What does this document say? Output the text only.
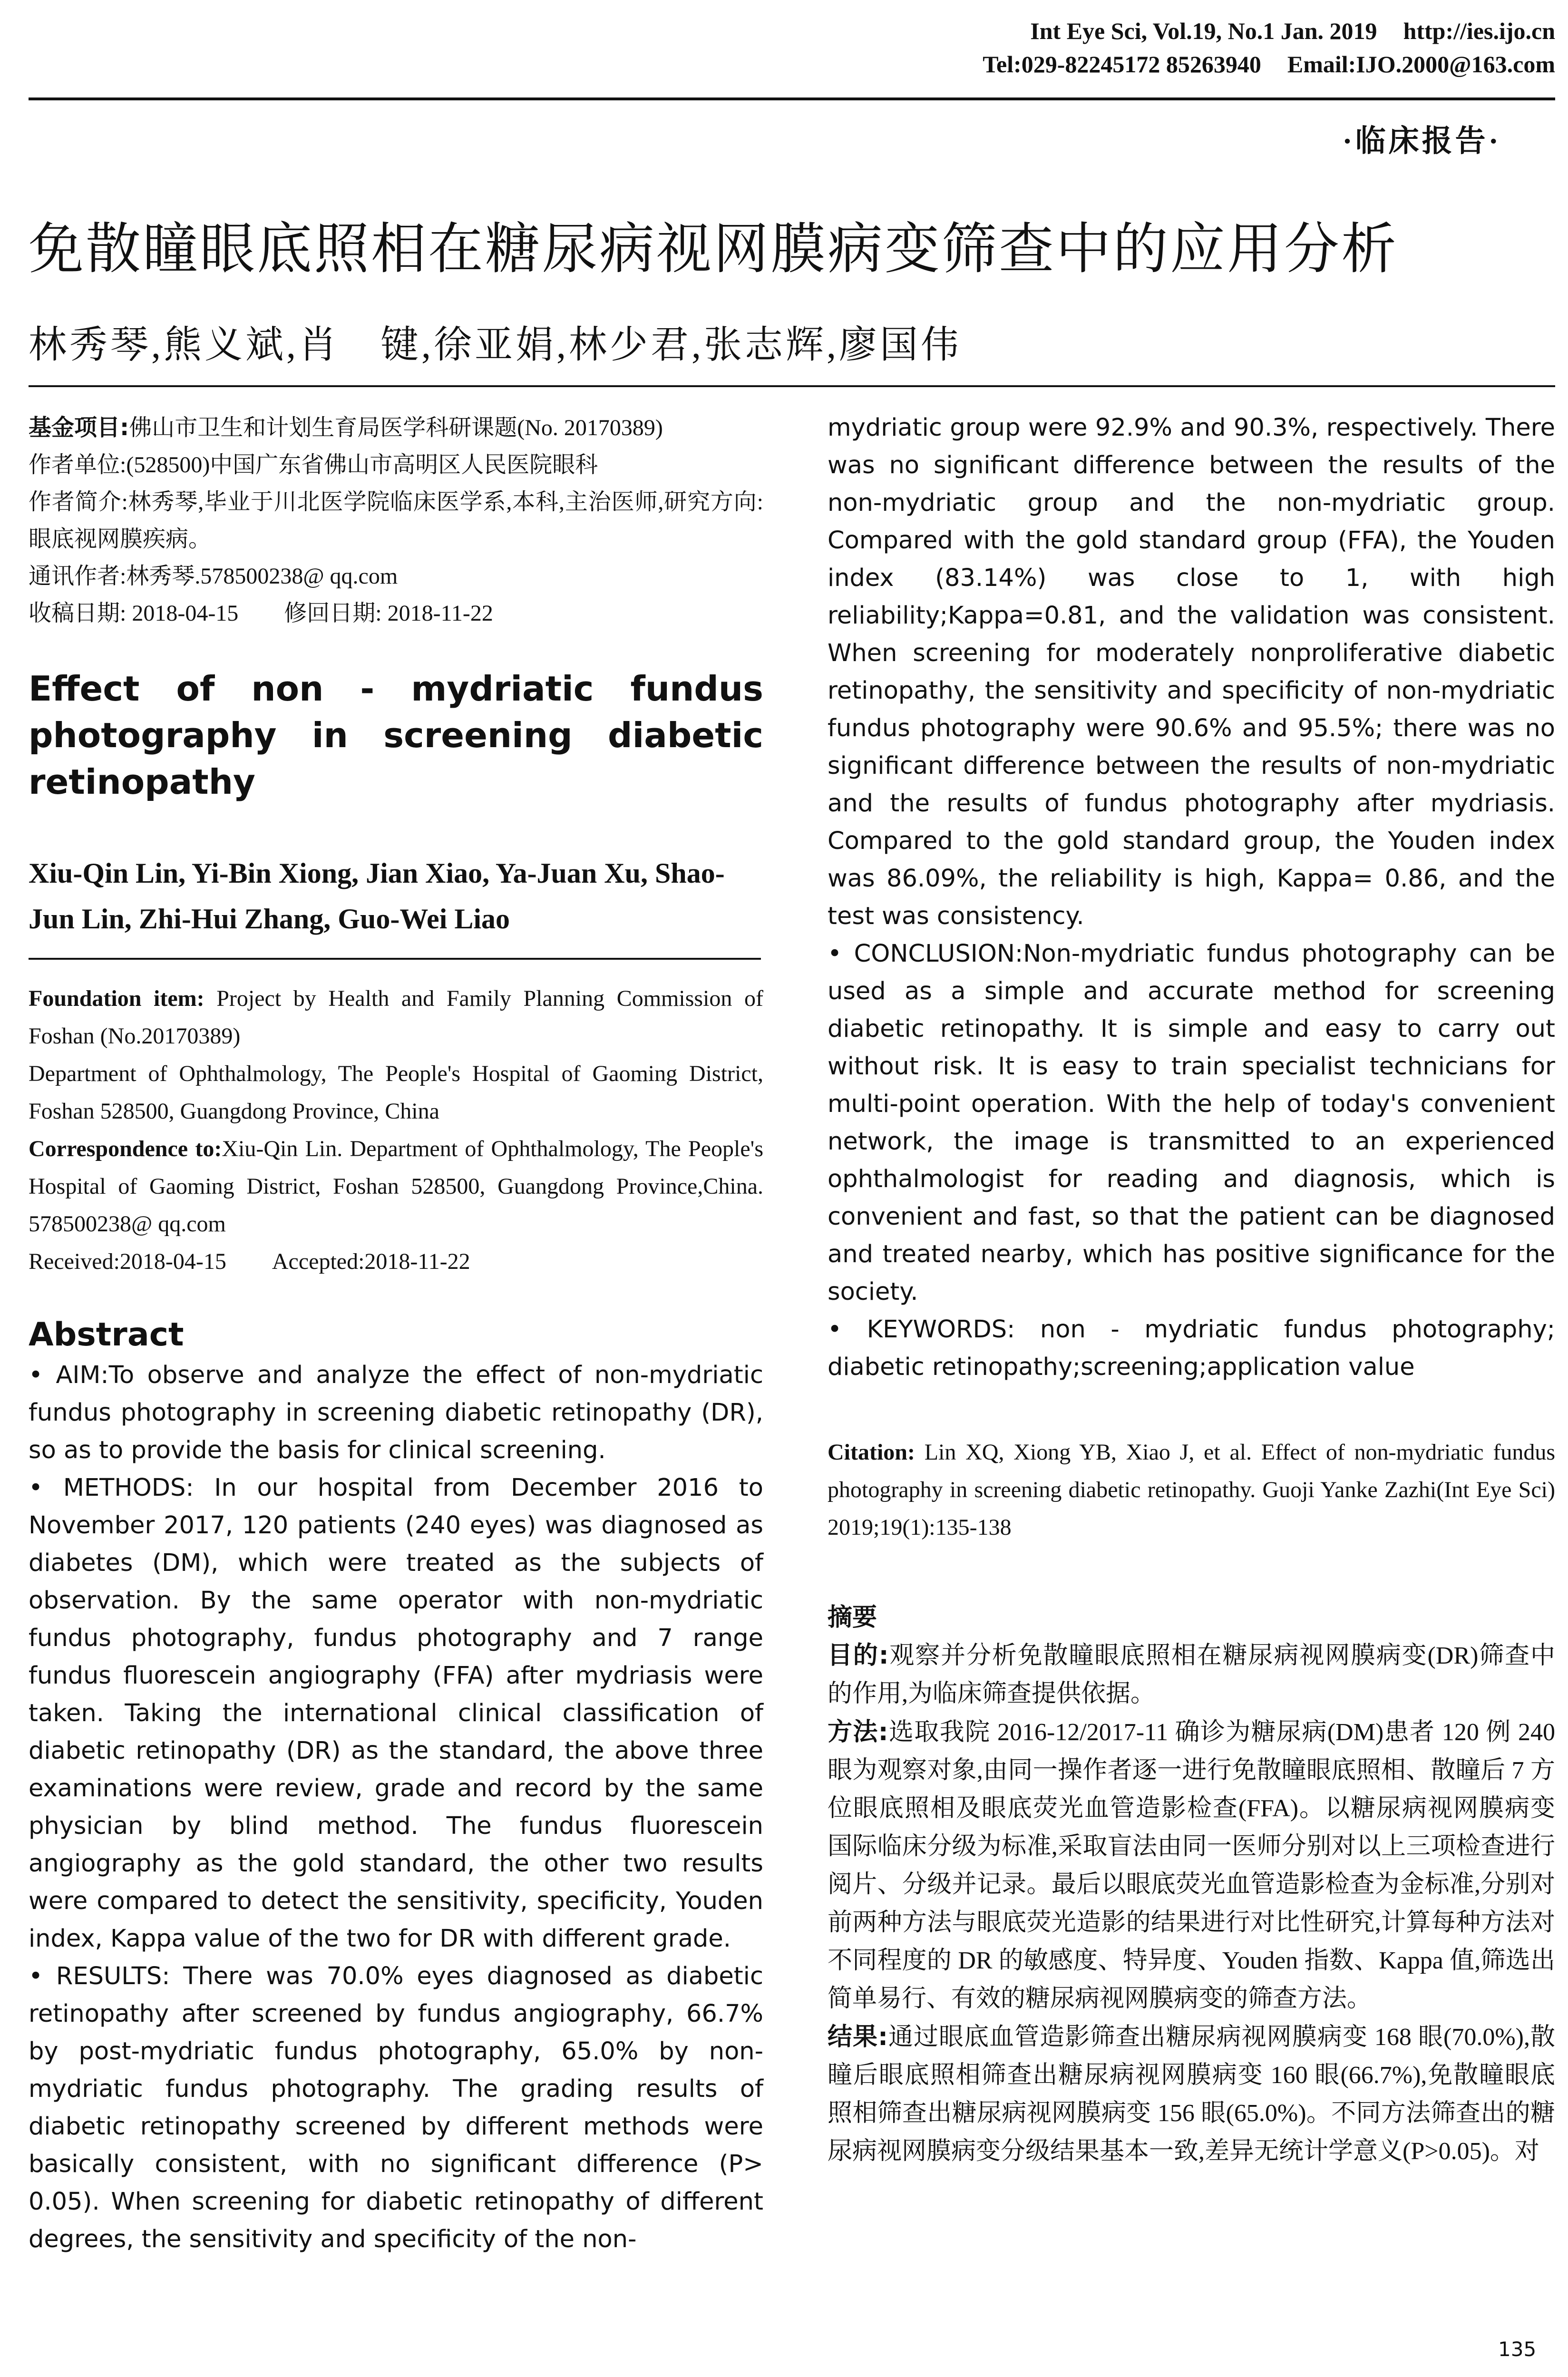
Int Eye Sci, Vol.19, No.1 Jan. 2019 http://ies.ijo.cn
Tel:029-82245172 85263940 Email:IJO.2000@163.com
·临床报告·
免散瞳眼底照相在糖尿病视网膜病变筛查中的应用分析
林秀琴,熊义斌,肖　键,徐亚娟,林少君,张志辉,廖国伟
基金项目:佛山市卫生和计划生育局医学科研课题(No. 20170389)
作者单位:(528500)中国广东省佛山市高明区人民医院眼科
作者简介:林秀琴,毕业于川北医学院临床医学系,本科,主治医师,研究方向:眼底视网膜疾病。
通讯作者:林秀琴.578500238@ qq.com
收稿日期: 2018-04-15　　修回日期: 2018-11-22
Effect of non - mydriatic fundus photography in screening diabetic retinopathy
Xiu-Qin Lin, Yi-Bin Xiong, Jian Xiao, Ya-Juan Xu, Shao-Jun Lin, Zhi-Hui Zhang, Guo-Wei Liao

Foundation item: Project by Health and Family Planning Commission of Foshan (No.20170389)

Department of Ophthalmology, The People's Hospital of Gaoming District, Foshan 528500, Guangdong Province, China

Correspondence to:Xiu-Qin Lin. Department of Ophthalmology, The People's Hospital of Gaoming District, Foshan 528500, Guangdong Province,China. 578500238@ qq.com

Received:2018-04-15　　Accepted:2018-11-22

Abstract

• AIM:To observe and analyze the effect of non-mydriatic fundus photography in screening diabetic retinopathy (DR), so as to provide the basis for clinical screening.

• METHODS: In our hospital from December 2016 to November 2017, 120 patients (240 eyes) was diagnosed as diabetes (DM), which were treated as the subjects of observation. By the same operator with non-mydriatic fundus photography, fundus photography and 7 range fundus fluorescein angiography (FFA) after mydriasis were taken. Taking the international clinical classification of diabetic retinopathy (DR) as the standard, the above three examinations were review, grade and record by the same physician by blind method. The fundus fluorescein angiography as the gold standard, the other two results were compared to detect the sensitivity, specificity, Youden index, Kappa value of the two for DR with different grade.

• RESULTS: There was 70.0% eyes diagnosed as diabetic retinopathy after screened by fundus angiography, 66.7% by post-mydriatic fundus photography, 65.0% by non-mydriatic fundus photography. The grading results of diabetic retinopathy screened by different methods were basically consistent, with no significant difference (P> 0.05). When screening for diabetic retinopathy of different degrees, the sensitivity and specificity of the non-

mydriatic group were 92.9% and 90.3%, respectively. There was no significant difference between the results of the non-mydriatic group and the non-mydriatic group. Compared with the gold standard group (FFA), the Youden index (83.14%) was close to 1, with high reliability;Kappa=0.81, and the validation was consistent. When screening for moderately nonproliferative diabetic retinopathy, the sensitivity and specificity of non-mydriatic fundus photography were 90.6% and 95.5%; there was no significant difference between the results of non-mydriatic and the results of fundus photography after mydriasis. Compared to the gold standard group, the Youden index was 86.09%, the reliability is high, Kappa= 0.86, and the test was consistency.

• CONCLUSION:Non-mydriatic fundus photography can be used as a simple and accurate method for screening diabetic retinopathy. It is simple and easy to carry out without risk. It is easy to train specialist technicians for multi-point operation. With the help of today's convenient network, the image is transmitted to an experienced ophthalmologist for reading and diagnosis, which is convenient and fast, so that the patient can be diagnosed and treated nearby, which has positive significance for the society.

• KEYWORDS: non - mydriatic fundus photography; diabetic retinopathy;screening;application value

Citation: Lin XQ, Xiong YB, Xiao J, et al. Effect of non-mydriatic fundus photography in screening diabetic retinopathy. Guoji Yanke Zazhi(Int Eye Sci) 2019;19(1):135-138
摘要

目的:观察并分析免散瞳眼底照相在糖尿病视网膜病变(DR)筛查中的作用,为临床筛查提供依据。

方法:选取我院 2016-12/2017-11 确诊为糖尿病(DM)患者 120 例 240 眼为观察对象,由同一操作者逐一进行免散瞳眼底照相、散瞳后 7 方位眼底照相及眼底荧光血管造影检查(FFA)。以糖尿病视网膜病变国际临床分级为标准,采取盲法由同一医师分别对以上三项检查进行阅片、分级并记录。最后以眼底荧光血管造影检查为金标准,分别对前两种方法与眼底荧光造影的结果进行对比性研究,计算每种方法对不同程度的 DR 的敏感度、特异度、Youden 指数、Kappa 值,筛选出简单易行、有效的糖尿病视网膜病变的筛查方法。

结果:通过眼底血管造影筛查出糖尿病视网膜病变 168 眼(70.0%),散瞳后眼底照相筛查出糖尿病视网膜病变 160 眼(66.7%),免散瞳眼底照相筛查出糖尿病视网膜病变 156 眼(65.0%)。不同方法筛查出的糖尿病视网膜病变分级结果基本一致,差异无统计学意义(P>0.05)。对

135
